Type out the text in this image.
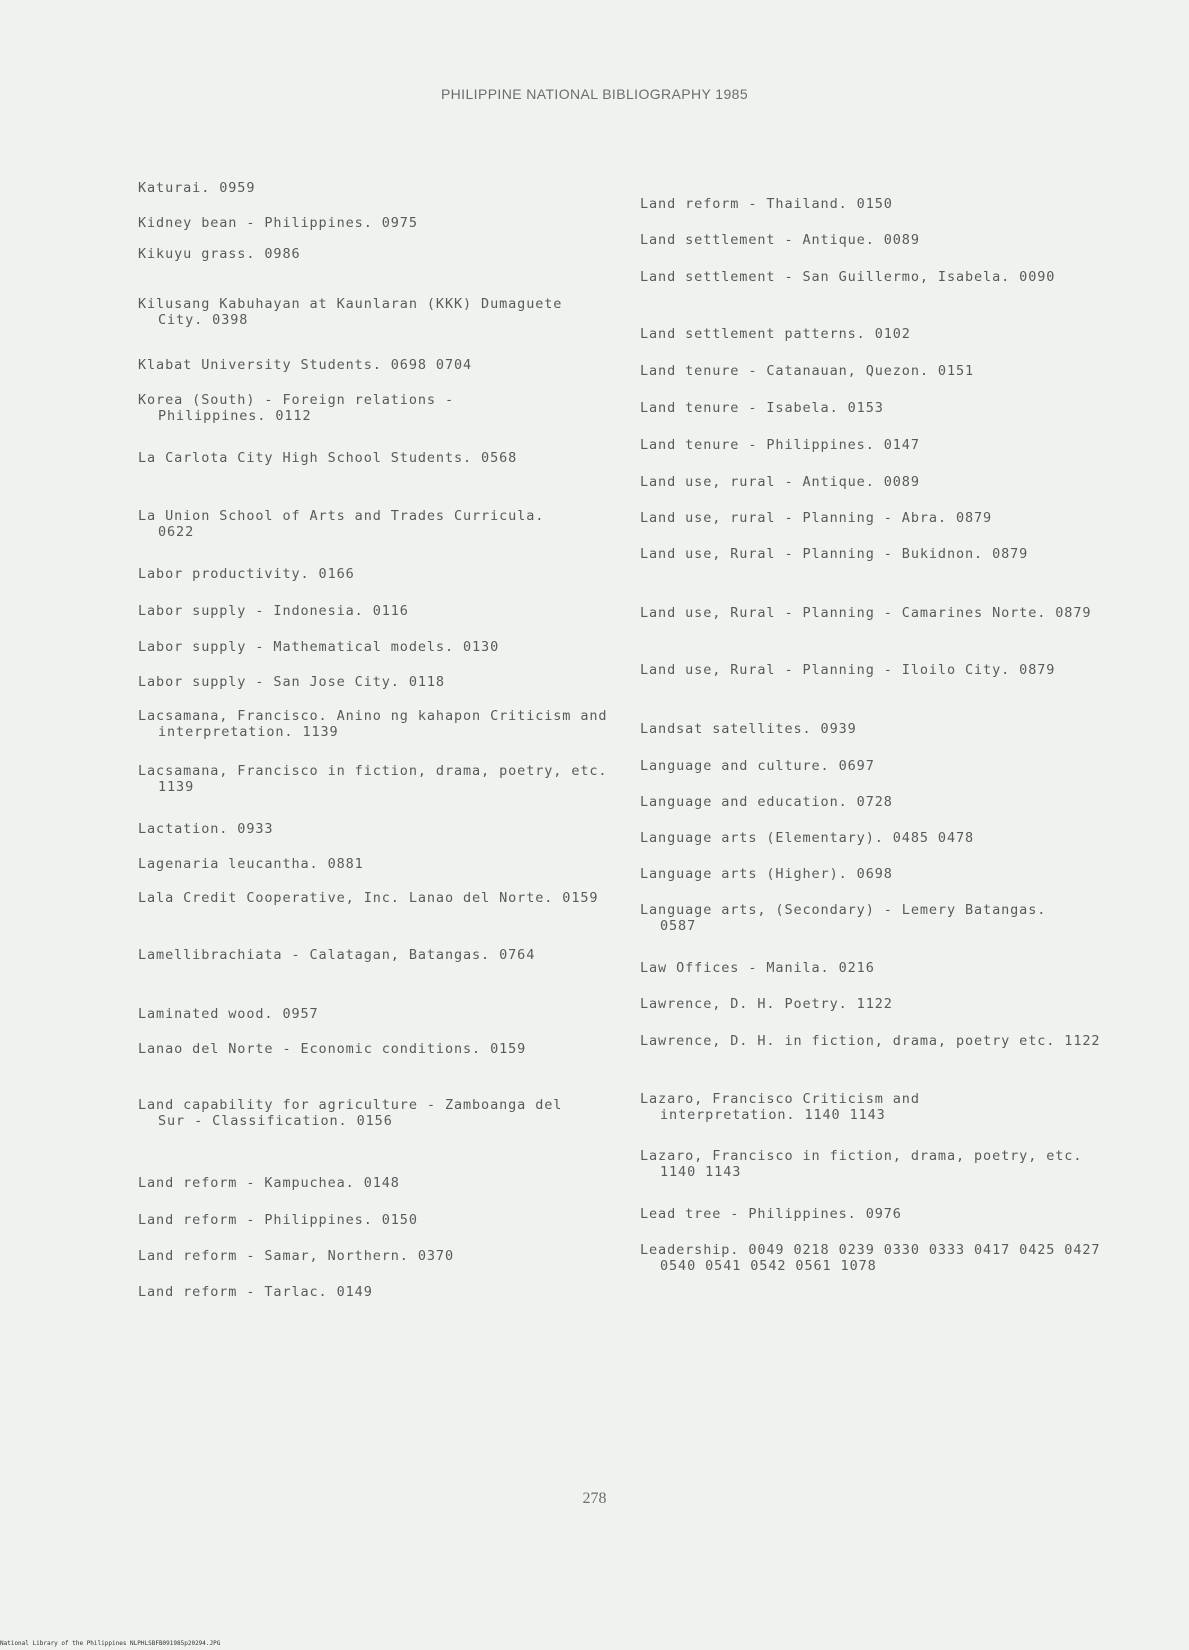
PHILIPPINE NATIONAL BIBLIOGRAPHY 1985
Katurai. 0959
Kidney bean - Philippines. 0975
Kikuyu grass. 0986
Kilusang Kabuhayan at Kaunlaran (KKK) Dumaguete City. 0398
Klabat University Students. 0698 0704
Korea (South) - Foreign relations - Philippines. 0112
La Carlota City High School Students. 0568
La Union School of Arts and Trades Curricula. 0622
Labor productivity. 0166
Labor supply - Indonesia. 0116
Labor supply - Mathematical models. 0130
Labor supply - San Jose City. 0118
Lacsamana, Francisco. Anino ng kahapon Criticism and interpretation. 1139
Lacsamana, Francisco in fiction, drama, poetry, etc. 1139
Lactation. 0933
Lagenaria leucantha. 0881
Lala Credit Cooperative, Inc. Lanao del Norte. 0159
Lamellibrachiata - Calatagan, Batangas. 0764
Laminated wood. 0957
Lanao del Norte - Economic conditions. 0159
Land capability for agriculture - Zamboanga del Sur - Classification. 0156
Land reform - Kampuchea. 0148
Land reform - Philippines. 0150
Land reform - Samar, Northern. 0370
Land reform - Tarlac. 0149
Land reform - Thailand. 0150
Land settlement - Antique. 0089
Land settlement - San Guillermo, Isabela. 0090
Land settlement patterns. 0102
Land tenure - Catanauan, Quezon. 0151
Land tenure - Isabela. 0153
Land tenure - Philippines. 0147
Land use, rural - Antique. 0089
Land use, rural - Planning - Abra. 0879
Land use, Rural - Planning - Bukidnon. 0879
Land use, Rural - Planning - Camarines Norte. 0879
Land use, Rural - Planning - Iloilo City. 0879
Landsat satellites. 0939
Language and culture. 0697
Language and education. 0728
Language arts (Elementary). 0485 0478
Language arts (Higher). 0698
Language arts, (Secondary) - Lemery Batangas. 0587
Law Offices - Manila. 0216
Lawrence, D. H. Poetry. 1122
Lawrence, D. H. in fiction, drama, poetry etc. 1122
Lazaro, Francisco Criticism and interpretation. 1140 1143
Lazaro, Francisco in fiction, drama, poetry, etc. 1140 1143
Lead tree - Philippines. 0976
Leadership. 0049 0218 0239 0330 0333 0417 0425 0427 0540 0541 0542 0561 1078
278
National Library of the Philippines NLPHLSBFB091985p20294.JPG
